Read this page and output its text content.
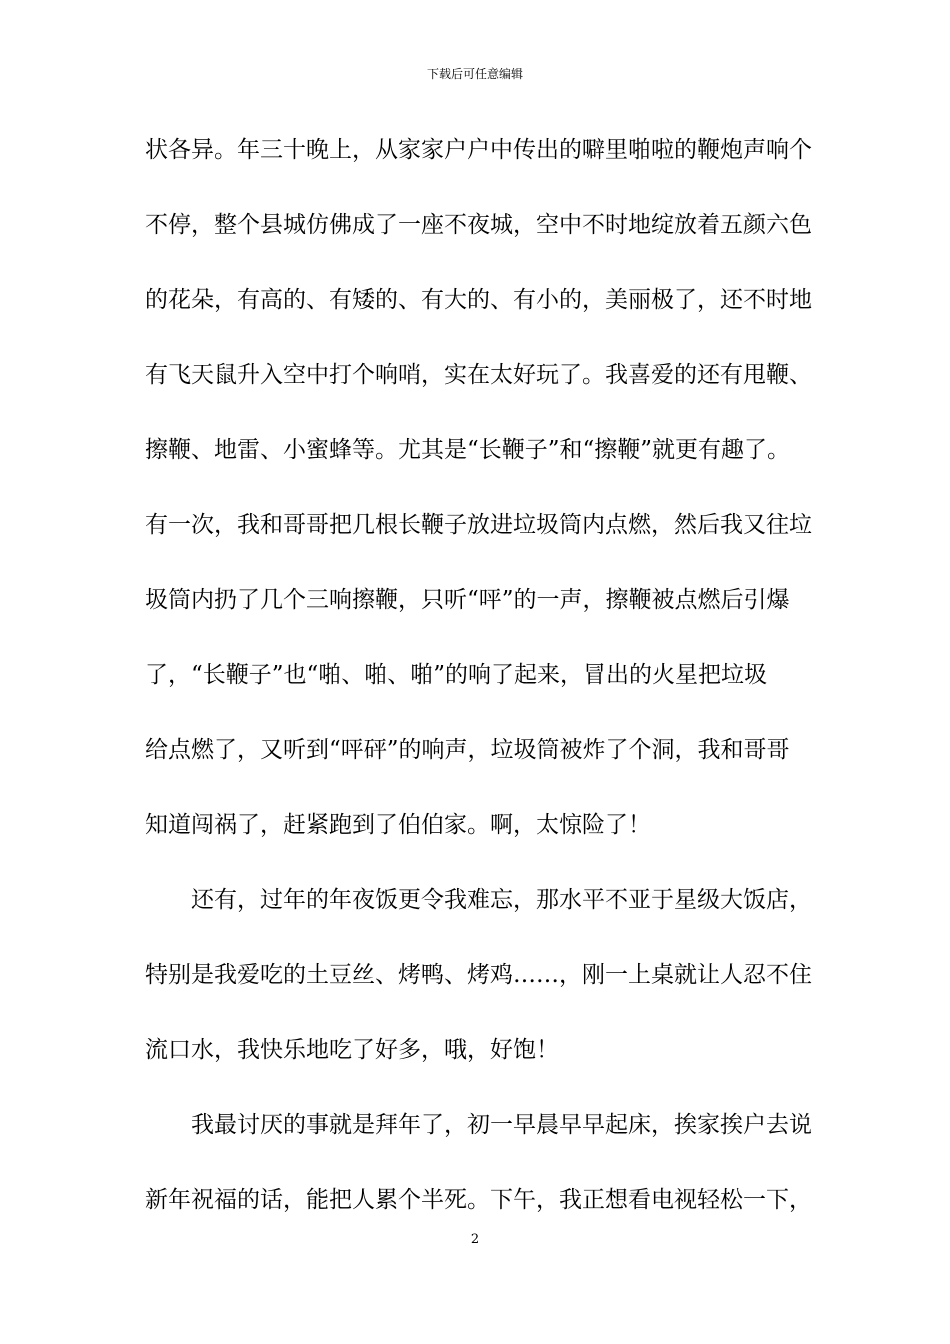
下载后可任意编辑
状各异。年三十晚上，从家家户户中传出的噼里啪啦的鞭炮声响个
不停，整个县城仿佛成了一座不夜城，空中不时地绽放着五颜六色
的花朵，有高的、有矮的、有大的、有小的，美丽极了，还不时地
有飞天鼠升入空中打个响哨，实在太好玩了。我喜爱的还有甩鞭、
擦鞭、地雷、小蜜蜂等。尤其是“长鞭子”和“擦鞭”就更有趣了。
有一次，我和哥哥把几根长鞭子放进垃圾筒内点燃，然后我又往垃
圾筒内扔了几个三响擦鞭，只听“呯”的一声，擦鞭被点燃后引爆
了，“长鞭子”也“啪、啪、啪”的响了起来，冒出的火星把垃圾
给点燃了，又听到“呯砰”的响声，垃圾筒被炸了个洞，我和哥哥
知道闯祸了，赶紧跑到了伯伯家。啊，太惊险了！
还有，过年的年夜饭更令我难忘，那水平不亚于星级大饭店，
特别是我爱吃的土豆丝、烤鸭、烤鸡……，刚一上桌就让人忍不住
流口水，我快乐地吃了好多，哦，好饱！
我最讨厌的事就是拜年了，初一早晨早早起床，挨家挨户去说
新年祝福的话，能把人累个半死。下午，我正想看电视轻松一下，
2
